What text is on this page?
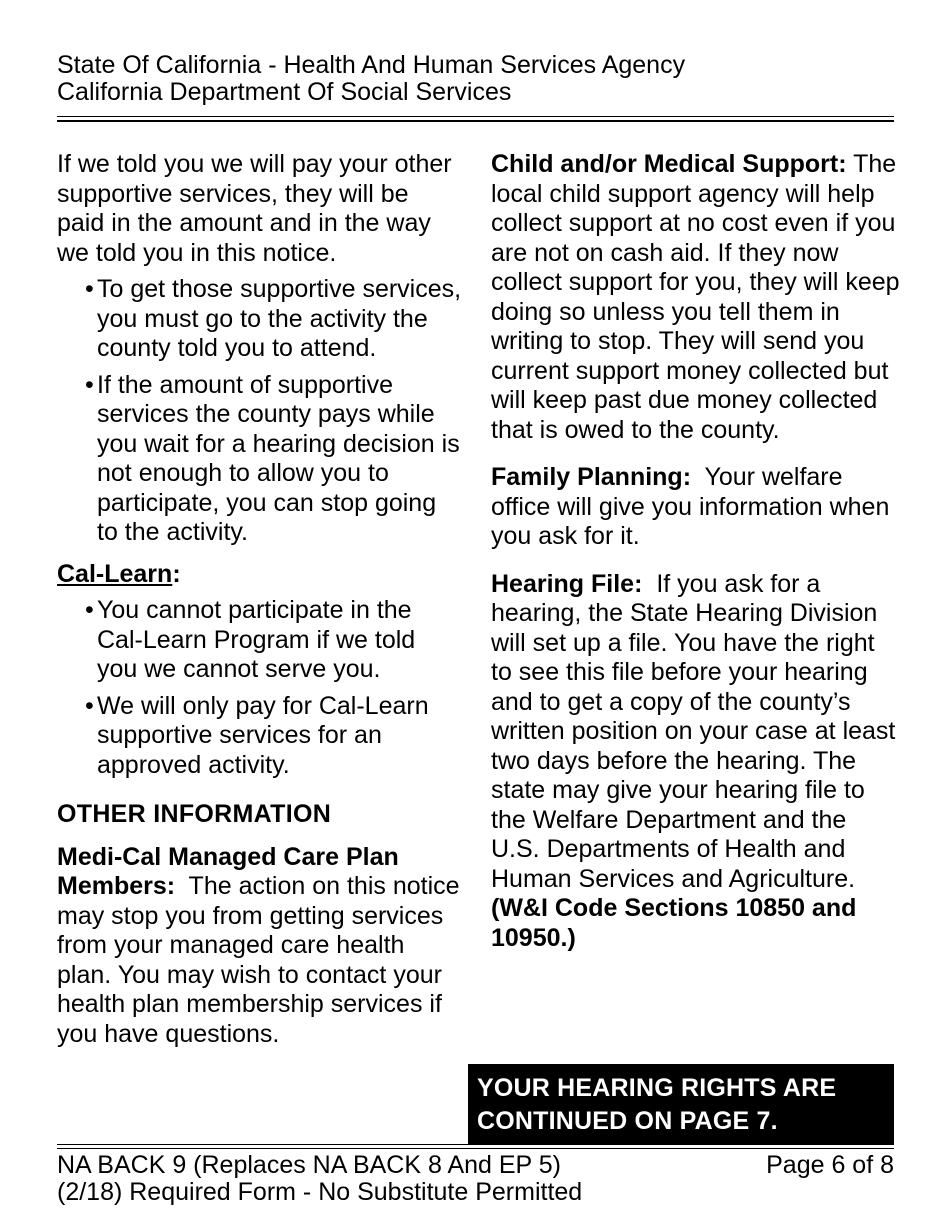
State Of California - Health And Human Services Agency
California Department Of Social Services

If we told you we will pay your other supportive services, they will be paid in the amount and in the way we told you in this notice.

• To get those supportive services, you must go to the activity the county told you to attend.
• If the amount of supportive services the county pays while you wait for a hearing decision is not enough to allow you to participate, you can stop going to the activity.

Cal-Learn:

• You cannot participate in the Cal-Learn Program if we told you we cannot serve you.
• We will only pay for Cal-Learn supportive services for an approved activity.

OTHER INFORMATION

Medi-Cal Managed Care Plan Members: The action on this notice may stop you from getting services from your managed care health plan. You may wish to contact your health plan membership services if you have questions.

Child and/or Medical Support: The local child support agency will help collect support at no cost even if you are not on cash aid. If they now collect support for you, they will keep doing so unless you tell them in writing to stop. They will send you current support money collected but will keep past due money collected that is owed to the county.

Family Planning: Your welfare office will give you information when you ask for it.

Hearing File: If you ask for a hearing, the State Hearing Division will set up a file. You have the right to see this file before your hearing and to get a copy of the county’s written position on your case at least two days before the hearing. The state may give your hearing file to the Welfare Department and the U.S. Departments of Health and Human Services and Agriculture.  (W&I Code Sections 10850 and 10950.)

YOUR HEARING RIGHTS ARE
CONTINUED ON PAGE 7.
NA BACK 9 (Replaces NA BACK 8 And EP 5)
(2/18) Required Form - No Substitute Permitted
Page 6 of 8
